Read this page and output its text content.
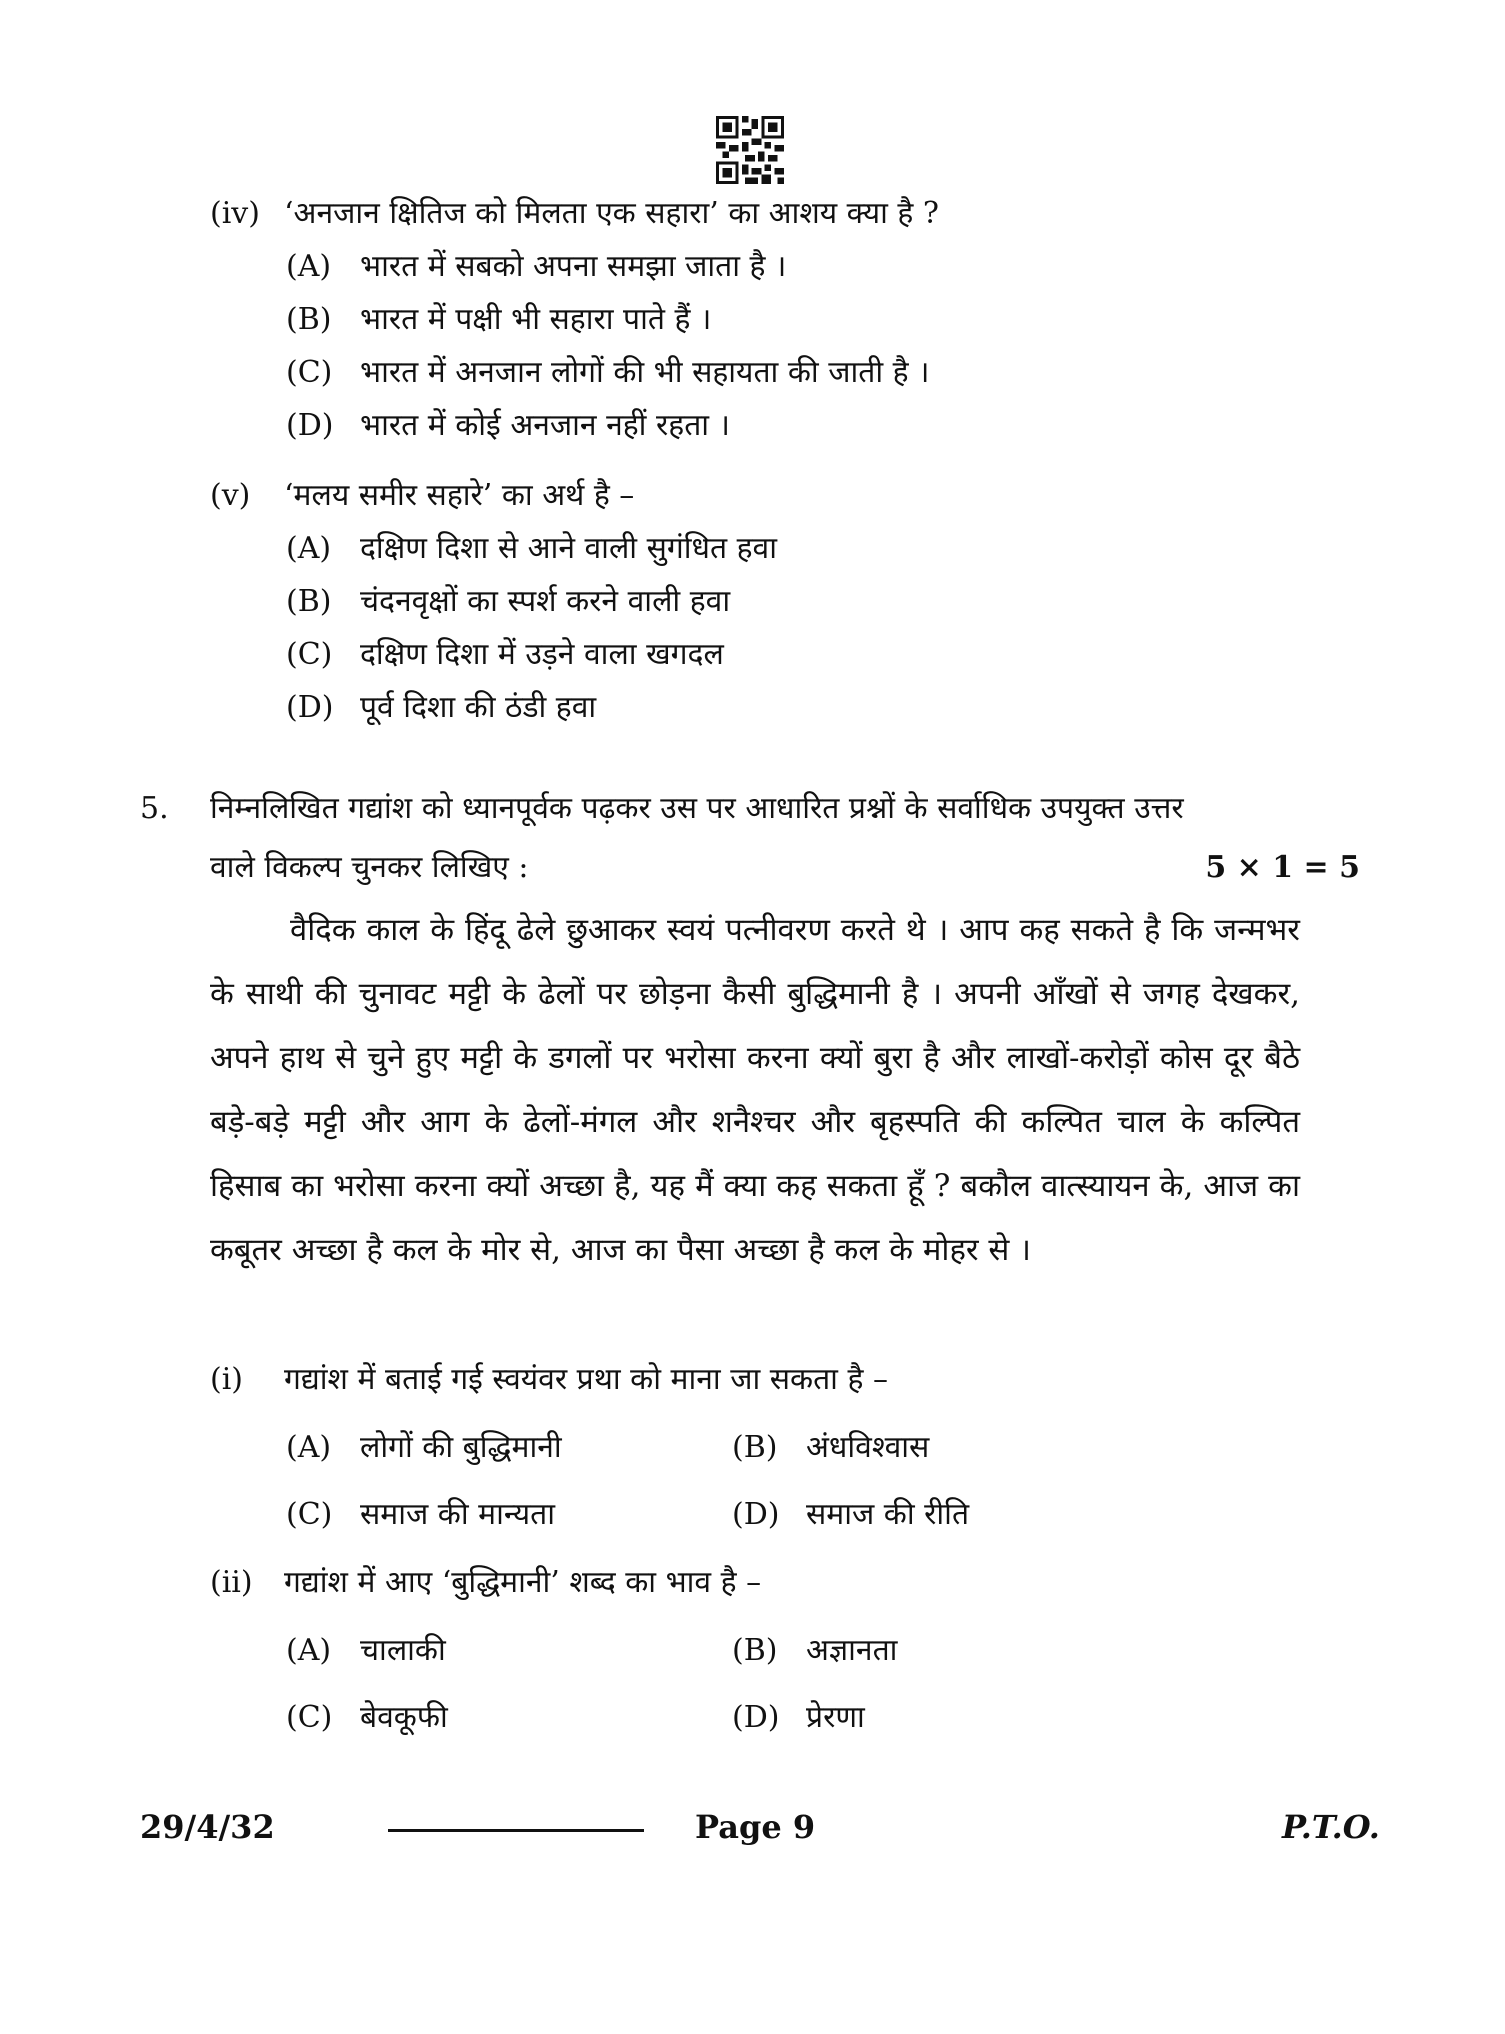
(iv) ‘अनजान क्षितिज को मिलता एक सहारा’ का आशय क्या है ?
(A) भारत में सबको अपना समझा जाता है ।
(B) भारत में पक्षी भी सहारा पाते हैं ।
(C) भारत में अनजान लोगों की भी सहायता की जाती है ।
(D) भारत में कोई अनजान नहीं रहता ।
(v) ‘मलय समीर सहारे’ का अर्थ है –
(A) दक्षिण दिशा से आने वाली सुगंधित हवा
(B) चंदनवृक्षों का स्पर्श करने वाली हवा
(C) दक्षिण दिशा में उड़ने वाला खगदल
(D) पूर्व दिशा की ठंडी हवा
5. निम्नलिखित गद्यांश को ध्यानपूर्वक पढ़कर उस पर आधारित प्रश्नों के सर्वाधिक उपयुक्त उत्तर
वाले विकल्प चुनकर लिखिए :	5 × 1 = 5
वैदिक काल के हिंदू ढेले छुआकर स्वयं पत्नीवरण करते थे । आप कह सकते है कि जन्मभर के साथी की चुनावट मट्टी के ढेलों पर छोड़ना कैसी बुद्धिमानी है । अपनी आँखों से जगह देखकर, अपने हाथ से चुने हुए मट्टी के डगलों पर भरोसा करना क्यों बुरा है और लाखों-करोड़ों कोस दूर बैठे बड़े-बड़े मट्टी और आग के ढेलों-मंगल और शनैश्चर और बृहस्पति की कल्पित चाल के कल्पित हिसाब का भरोसा करना क्यों अच्छा है, यह मैं क्या कह सकता हूँ ? बकौल वात्स्यायन के, आज का कबूतर अच्छा है कल के मोर से, आज का पैसा अच्छा है कल के मोहर से ।
(i) गद्यांश में बताई गई स्वयंवर प्रथा को माना जा सकता है –
(A) लोगों की बुद्धिमानी	(B) अंधविश्वास
(C) समाज की मान्यता	(D) समाज की रीति
(ii) गद्यांश में आए ‘बुद्धिमानी’ शब्द का भाव है –
(A) चालाकी	(B) अज्ञानता
(C) बेवकूफी	(D) प्रेरणा
29/4/32	Page 9	P.T.O.
